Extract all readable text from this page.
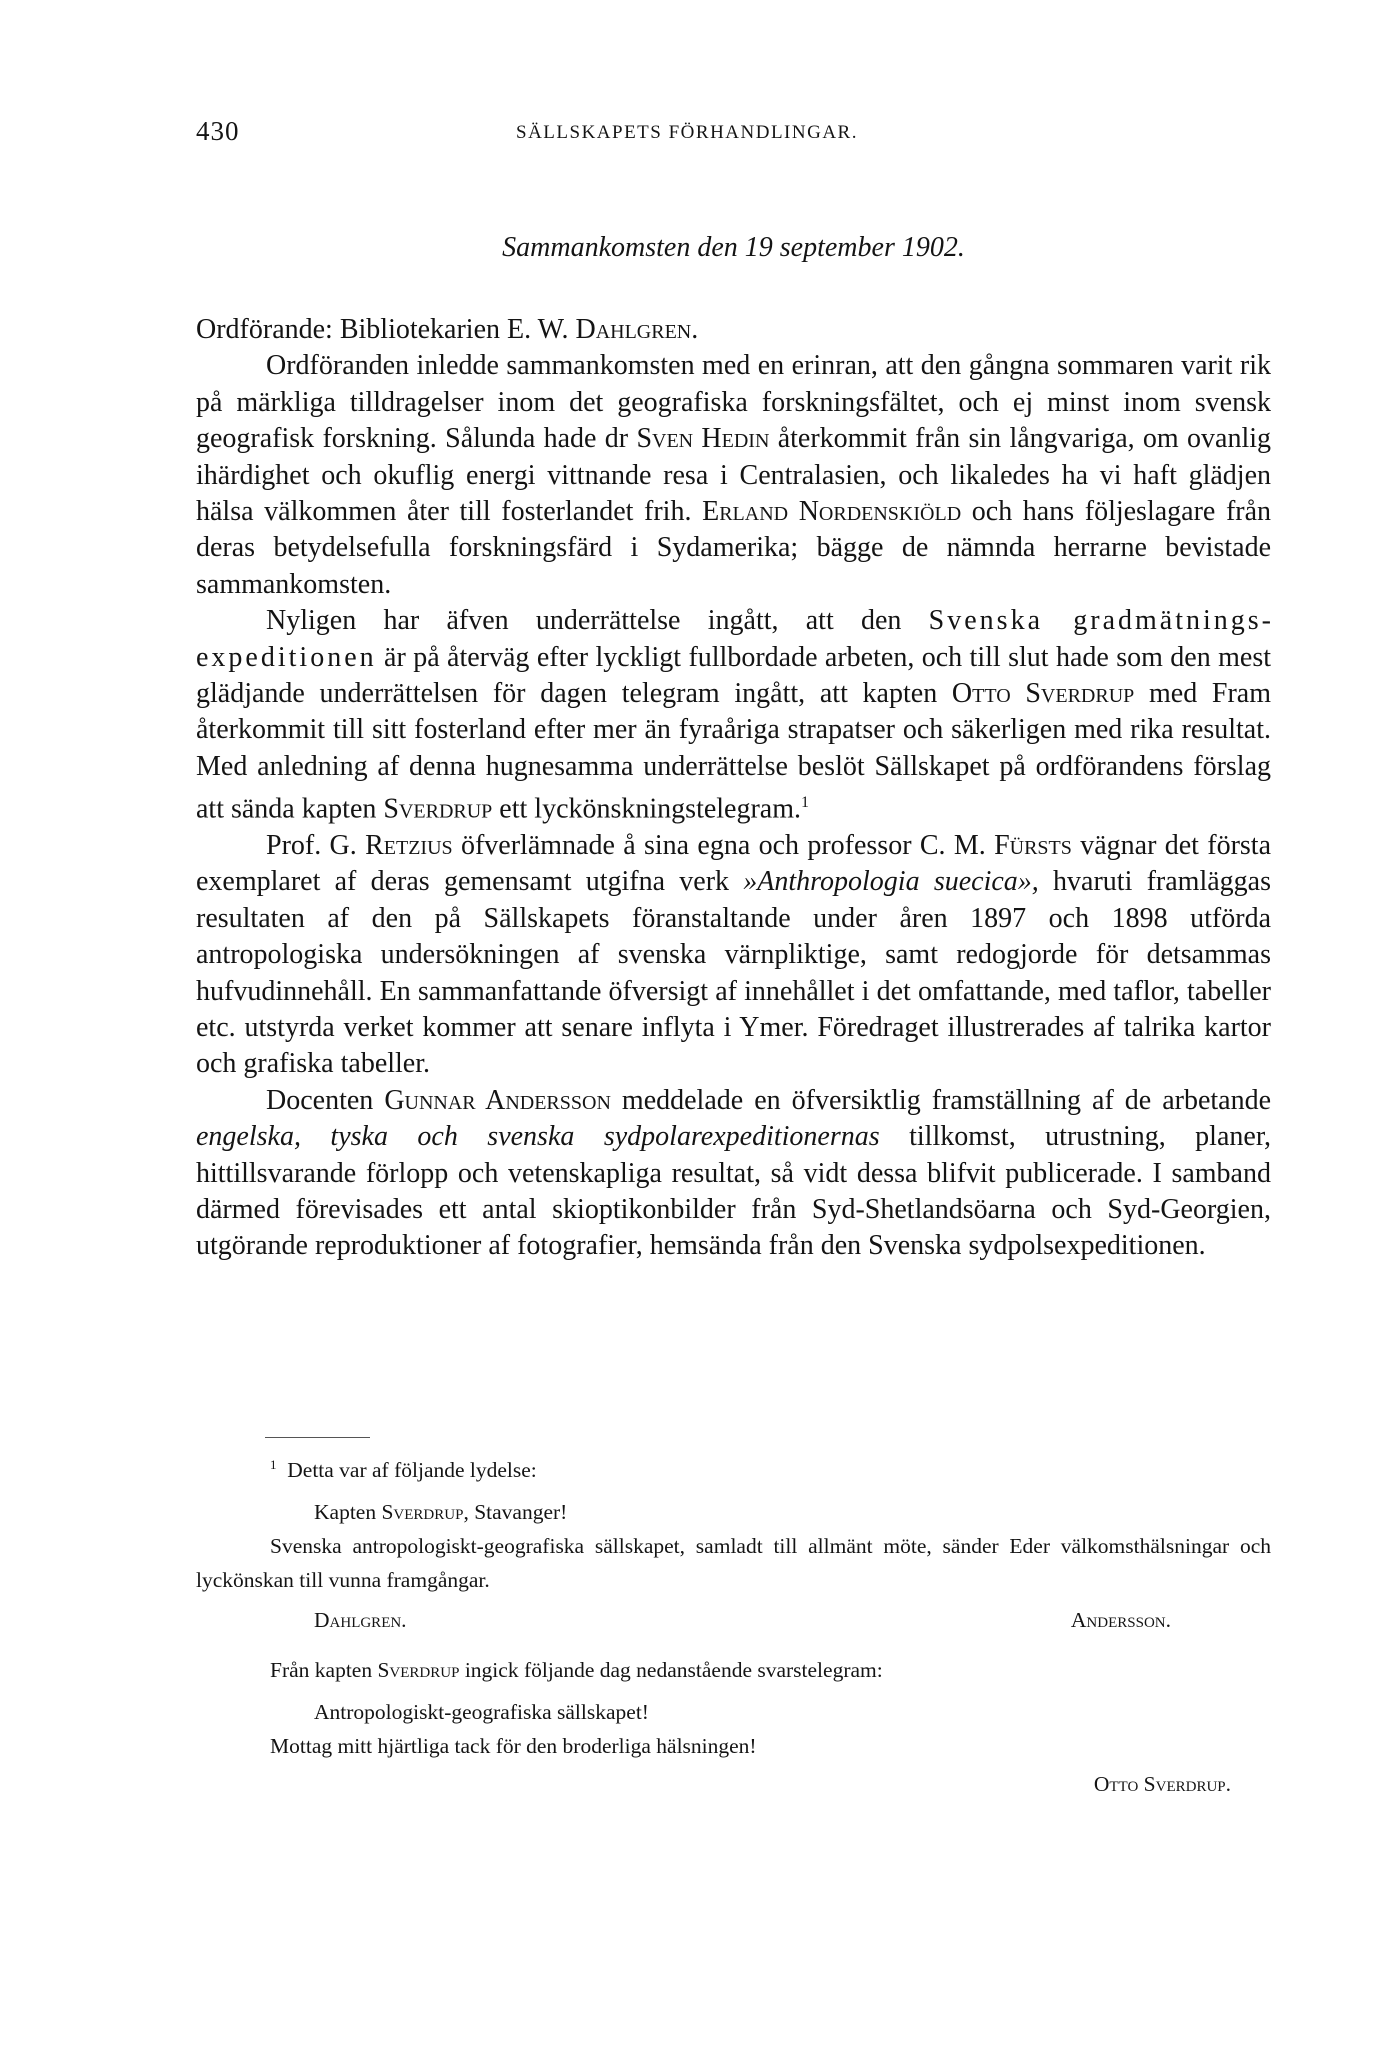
430	SÄLLSKAPETS FÖRHANDLINGAR.
Sammankomsten den 19 september 1902.

Ordförande: Bibliotekarien E. W. Dahlgren.

Ordföranden inledde sammankomsten med en erinran, att den gångna sommaren varit rik på märkliga tilldragelser inom det geografiska forskningsfältet, och ej minst inom svensk geografisk forskning. Sålunda hade dr Sven Hedin återkommit från sin långvariga, om ovanlig ihärdighet och okuflig energi vittnande resa i Centralasien, och likaledes ha vi haft glädjen hälsa välkommen åter till fosterlandet frih. Erland Nordenskiöld och hans följeslagare från deras betydelsefulla forskningsfärd i Sydamerika; bägge de nämnda herrarne bevistade sammankomsten.

Nyligen har äfven underrättelse ingått, att den Svenska gradmätningsexpeditionen är på återväg efter lyckligt fullbordade arbeten, och till slut hade som den mest glädjande underrättelsen för dagen telegram ingått, att kapten Otto Sverdrup med Fram återkommit till sitt fosterland efter mer än fyraåriga strapatser och säkerligen med rika resultat. Med anledning af denna hugnesamma underrättelse beslöt Sällskapet på ordförandens förslag att sända kapten Sverdrup ett lyckönskningstelegram.$^1$

Prof. G. Retzius öfverlämnade å sina egna och professor C. M. Fürsts vägnar det första exemplaret af deras gemensamt utgifna verk »Anthropologia suecica», hvaruti framläggas resultaten af den på Sällskapets föranstaltande under åren 1897 och 1898 utförda antropologiska undersökningen af svenska värnpliktige, samt redogjorde för detsammas hufvudinnehåll. En sammanfattande öfversigt af innehållet i det omfattande, med taflor, tabeller etc. utstyrda verket kommer att senare inflyta i Ymer. Föredraget illustrerades af talrika kartor och grafiska tabeller.

Docenten Gunnar Andersson meddelade en öfversiktlig framställning af de arbetande engelska, tyska och svenska sydpolarexpeditionernas tillkomst, utrustning, planer, hittillsvarande förlopp och vetenskapliga resultat, så vidt dessa blifvit publicerade. I samband därmed förevisades ett antal skioptikonbilder från Syd-Shetlandsöarna och Syd-Georgien, utgörande reproduktioner af fotografier, hemsända från den Svenska sydpolsexpeditionen.

$^1$ Detta var af följande lydelse:
Kapten Sverdrup, Stavanger!
Svenska antropologiskt-geografiska sällskapet, samladt till allmänt möte, sänder Eder välkomsthälsningar och lyckönskan till vunna framgångar.
Dahlgren.	Andersson.
Från kapten Sverdrup ingick följande dag nedanstående svarstelegram:
Antropologiskt-geografiska sällskapet!
Mottag mitt hjärtliga tack för den broderliga hälsningen!
Otto Sverdrup.
